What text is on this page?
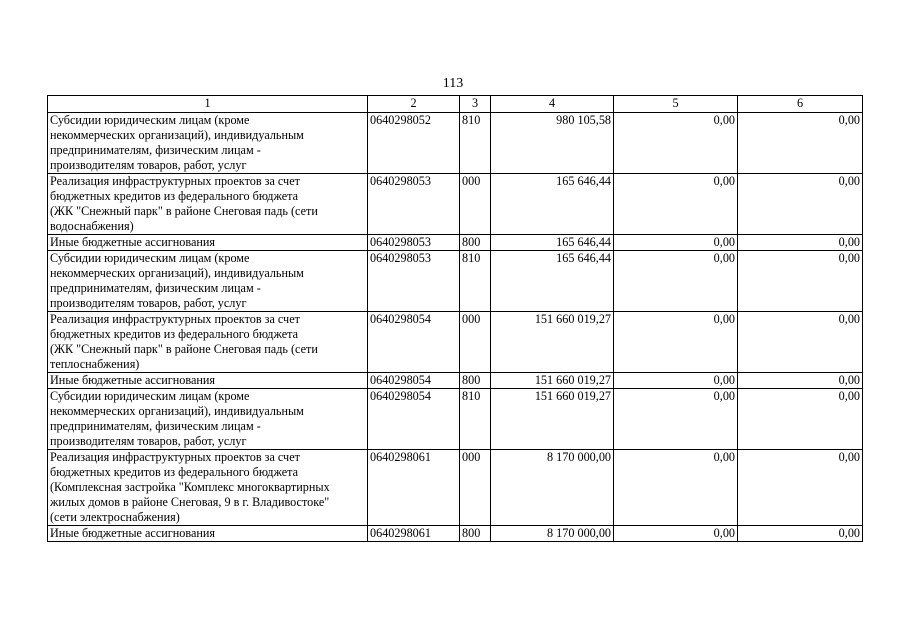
113
1	2	3	4	5	6

Субсидии юридическим лицам (кроме
некоммерческих организаций), индивидуальным
предпринимателям, физическим лицам -
производителям товаров, работ, услуг	0640298052	810	980 105,58	0,00	0,00

Реализация инфраструктурных проектов за счет
бюджетных кредитов из федерального бюджета
(ЖК "Снежный парк" в районе Снеговая падь (сети
водоснабжения)	0640298053	000	165 646,44	0,00	0,00

Иные бюджетные ассигнования	0640298053	800	165 646,44	0,00	0,00

Субсидии юридическим лицам (кроме
некоммерческих организаций), индивидуальным
предпринимателям, физическим лицам -
производителям товаров, работ, услуг	0640298053	810	165 646,44	0,00	0,00

Реализация инфраструктурных проектов за счет
бюджетных кредитов из федерального бюджета
(ЖК "Снежный парк" в районе Снеговая падь (сети
теплоснабжения)	0640298054	000	151 660 019,27	0,00	0,00

Иные бюджетные ассигнования	0640298054	800	151 660 019,27	0,00	0,00

Субсидии юридическим лицам (кроме
некоммерческих организаций), индивидуальным
предпринимателям, физическим лицам -
производителям товаров, работ, услуг	0640298054	810	151 660 019,27	0,00	0,00

Реализация инфраструктурных проектов за счет
бюджетных кредитов из федерального бюджета
(Комплексная застройка "Комплекс многоквартирных
жилых домов в районе Снеговая, 9 в г. Владивостоке"
(сети электроснабжения)	0640298061	000	8 170 000,00	0,00	0,00

Иные бюджетные ассигнования	0640298061	800	8 170 000,00	0,00	0,00
